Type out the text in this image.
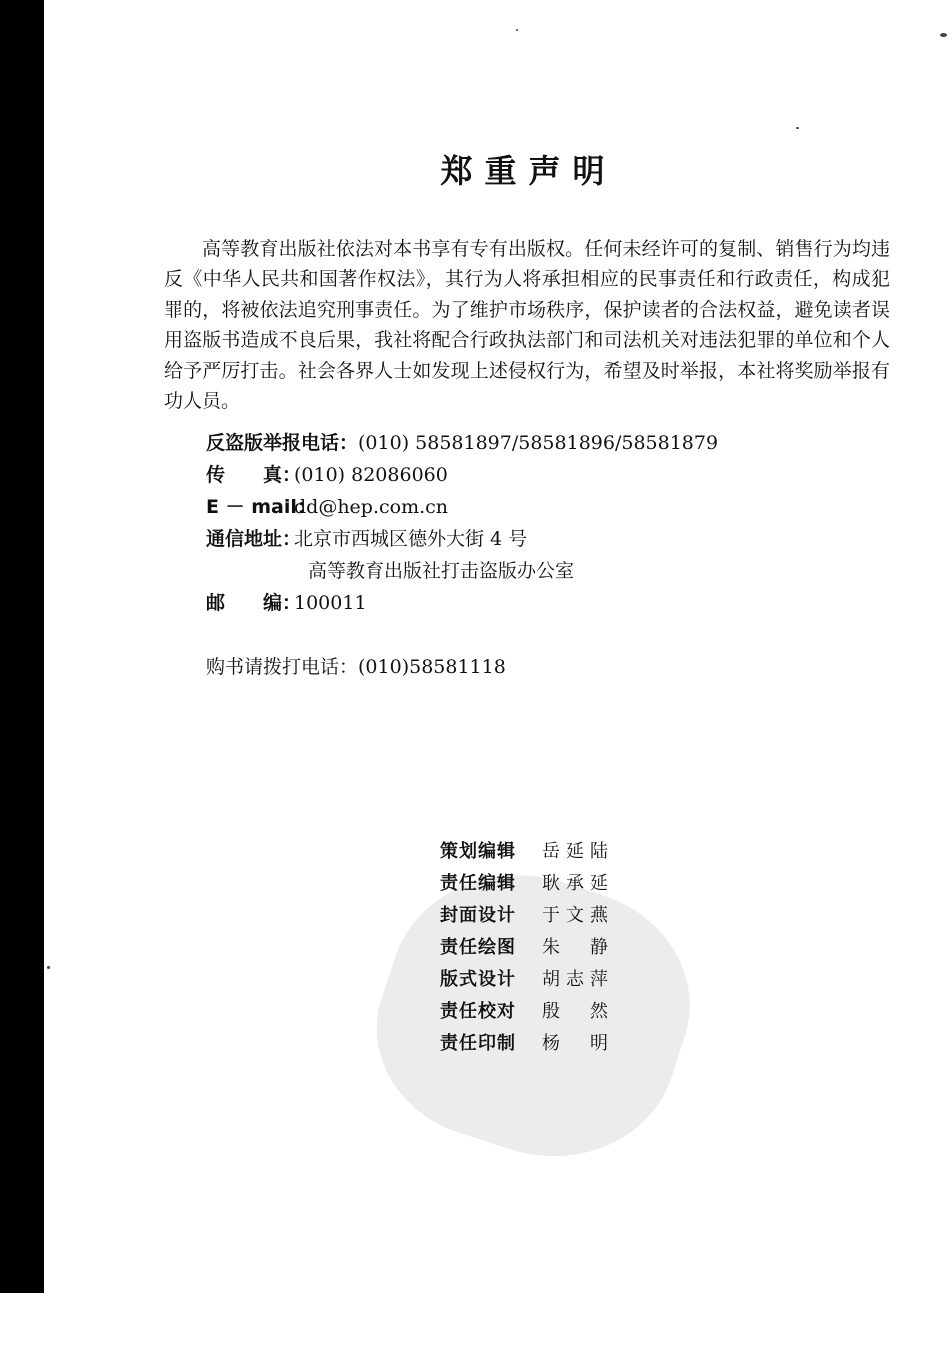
郑重声明

高等教育出版社依法对本书享有专有出版权。任何未经许可的复制、销售行为均违反《中华人民共和国著作权法》，其行为人将承担相应的民事责任和行政责任，构成犯罪的，将被依法追究刑事责任。为了维护市场秩序，保护读者的合法权益，避免读者误用盗版书造成不良后果，我社将配合行政执法部门和司法机关对违法犯罪的单位和个人给予严厉打击。社会各界人士如发现上述侵权行为，希望及时举报，本社将奖励举报有功人员。

反盗版举报电话：(010) 58581897/58581896/58581879
传　　真：(010) 82086060
E － mail：dd@hep.com.cn
通信地址：北京市西城区德外大街 4 号
高等教育出版社打击盗版办公室
邮　　编：100011
购书请拨打电话：(010)58581118
策划编辑 岳延陆
责任编辑 耿承延
封面设计 于文燕
责任绘图 朱　静
版式设计 胡志萍
责任校对 殷　然
责任印制 杨　明
